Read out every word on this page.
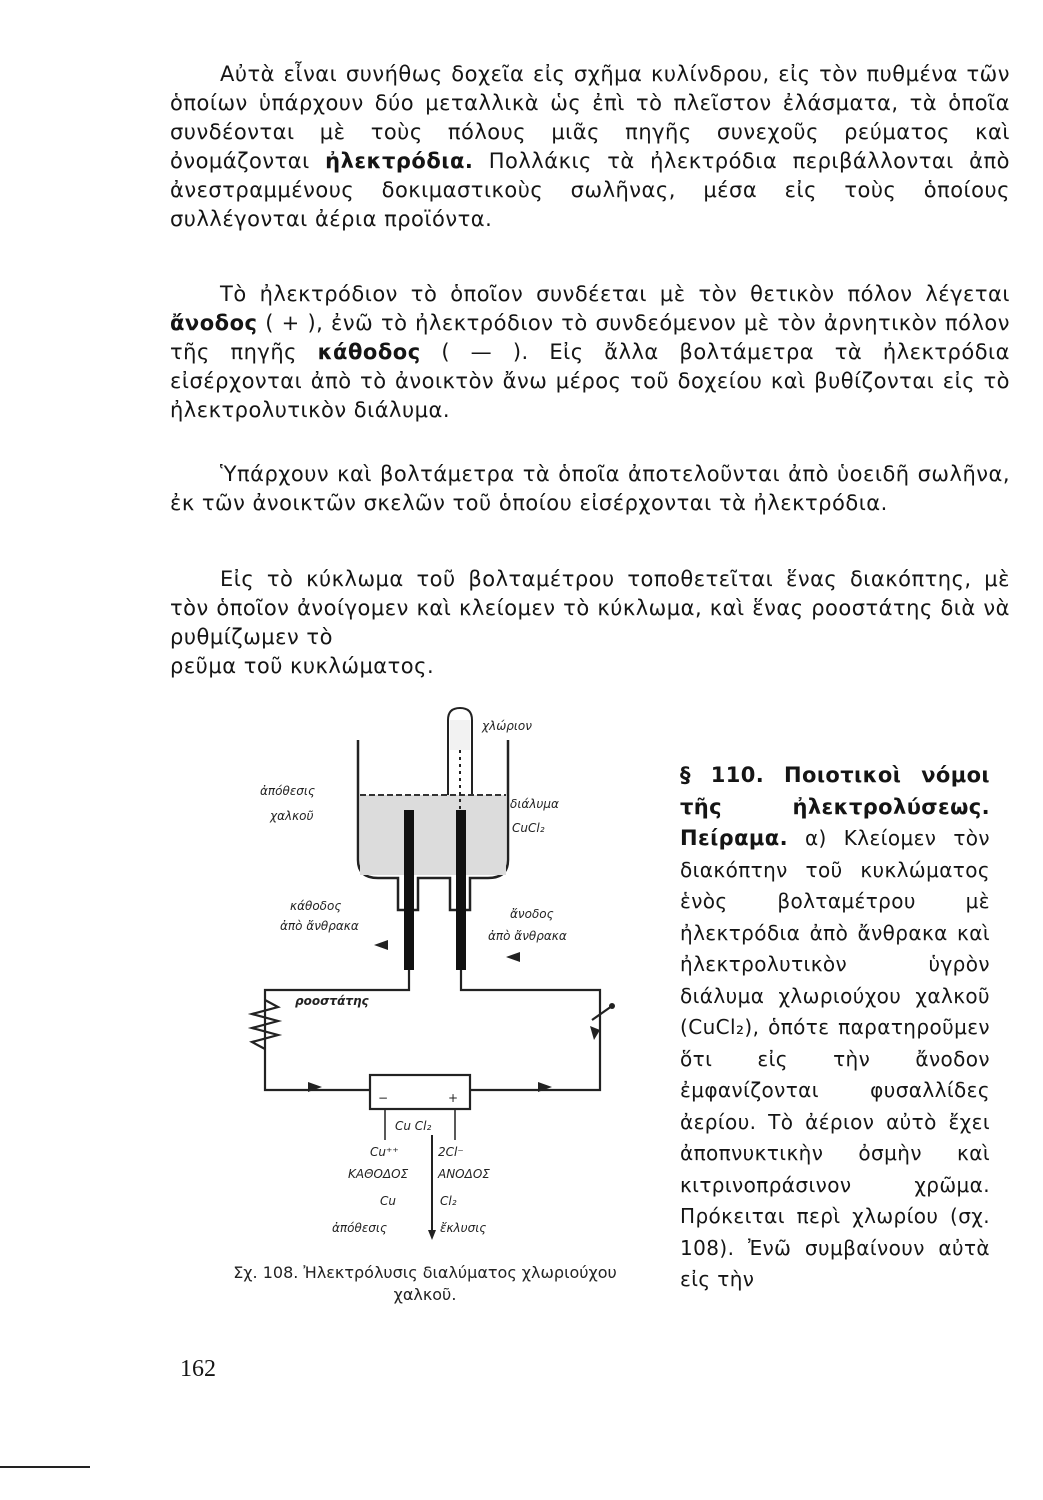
Αὐτὰ εἶναι συνήθως δοχεῖα εἰς σχῆμα κυλίνδρου, εἰς τὸν πυθμένα τῶν ὁποίων ὑπάρχουν δύο μεταλλικὰ ὡς ἐπὶ τὸ πλεῖστον ἐλάσματα, τὰ ὁποῖα συνδέονται μὲ τοὺς πόλους μιᾶς πηγῆς συνεχοῦς ρεύματος καὶ ὀνομάζονται ἠλεκτρόδια. Πολλάκις τὰ ἠλεκτρόδια περιβάλλονται ἀπὸ ἀνεστραμμένους δοκιμαστικοὺς σωλῆνας, μέσα εἰς τοὺς ὁποίους συλλέγονται ἀέρια προϊόντα.

Τὸ ἠλεκτρόδιον τὸ ὁποῖον συνδέεται μὲ τὸν θετικὸν πόλον λέγεται ἄνοδος ( + ), ἐνῶ τὸ ἠλεκτρόδιον τὸ συνδεόμενον μὲ τὸν ἀρνητικὸν πόλον τῆς πηγῆς κάθοδος ( — ). Εἰς ἄλλα βολτάμετρα τὰ ἠλεκτρόδια εἰσέρχονται ἀπὸ τὸ ἀνοικτὸν ἄνω μέρος τοῦ δοχείου καὶ βυθίζονται εἰς τὸ ἠλεκτρολυτικὸν διάλυμα.

Ὑπάρχουν καὶ βολτάμετρα τὰ ὁποῖα ἀποτελοῦνται ἀπὸ ὑοειδῆ σωλῆνα, ἐκ τῶν ἀνοικτῶν σκελῶν τοῦ ὁποίου εἰσέρχονται τὰ ἠλεκτρόδια.

Εἰς τὸ κύκλωμα τοῦ βολταμέτρου τοποθετεῖται ἕνας διακόπτης, μὲ τὸν ὁποῖον ἀνοίγομεν καὶ κλείομεν τὸ κύκλωμα, καὶ ἕνας ροοστάτης διὰ νὰ ρυθμίζωμεν τὸ

ρεῦμα τοῦ κυκλώματος.
χλώριον
ἀπόθεσις
χαλκοῦ
διάλυμα
CuCl₂
κάθοδος
ἀπὸ ἄνθρακα
ἄνοδος
ἀπὸ ἄνθρακα
ροοστάτης
−	+
Cu Cl₂
Cu⁺⁺	2Cl⁻
ΚΑΘΟΔΟΣ ΑΝΟΔΟΣ
Cu	Cl₂
ἀπόθεσις	ἔκλυσις
Σχ. 108. Ἠλεκτρόλυσις διαλύματος χλωριούχου χαλκοῦ.
§ 110. Ποιοτικοὶ νόμοι τῆς ἠλεκτρολύσεως. Πείραμα. α) Κλείομεν τὸν διακόπτην τοῦ κυκλώματος ἑνὸς βολταμέτρου μὲ ἠλεκτρόδια ἀπὸ ἄνθρακα καὶ ἠλεκτρολυτικὸν ὑγρὸν διάλυμα χλωριούχου χαλκοῦ (CuCl₂), ὁπότε παρατηροῦμεν ὅτι εἰς τὴν ἄνοδον ἐμφανίζονται φυσαλλίδες ἀερίου. Τὸ ἀέριον αὐτὸ ἔχει ἀποπνυκτικὴν ὀσμὴν καὶ κιτρινοπράσινον χρῶμα. Πρόκειται περὶ χλωρίου (σχ. 108). Ἐνῶ συμβαίνουν αὐτὰ εἰς τὴν
162
